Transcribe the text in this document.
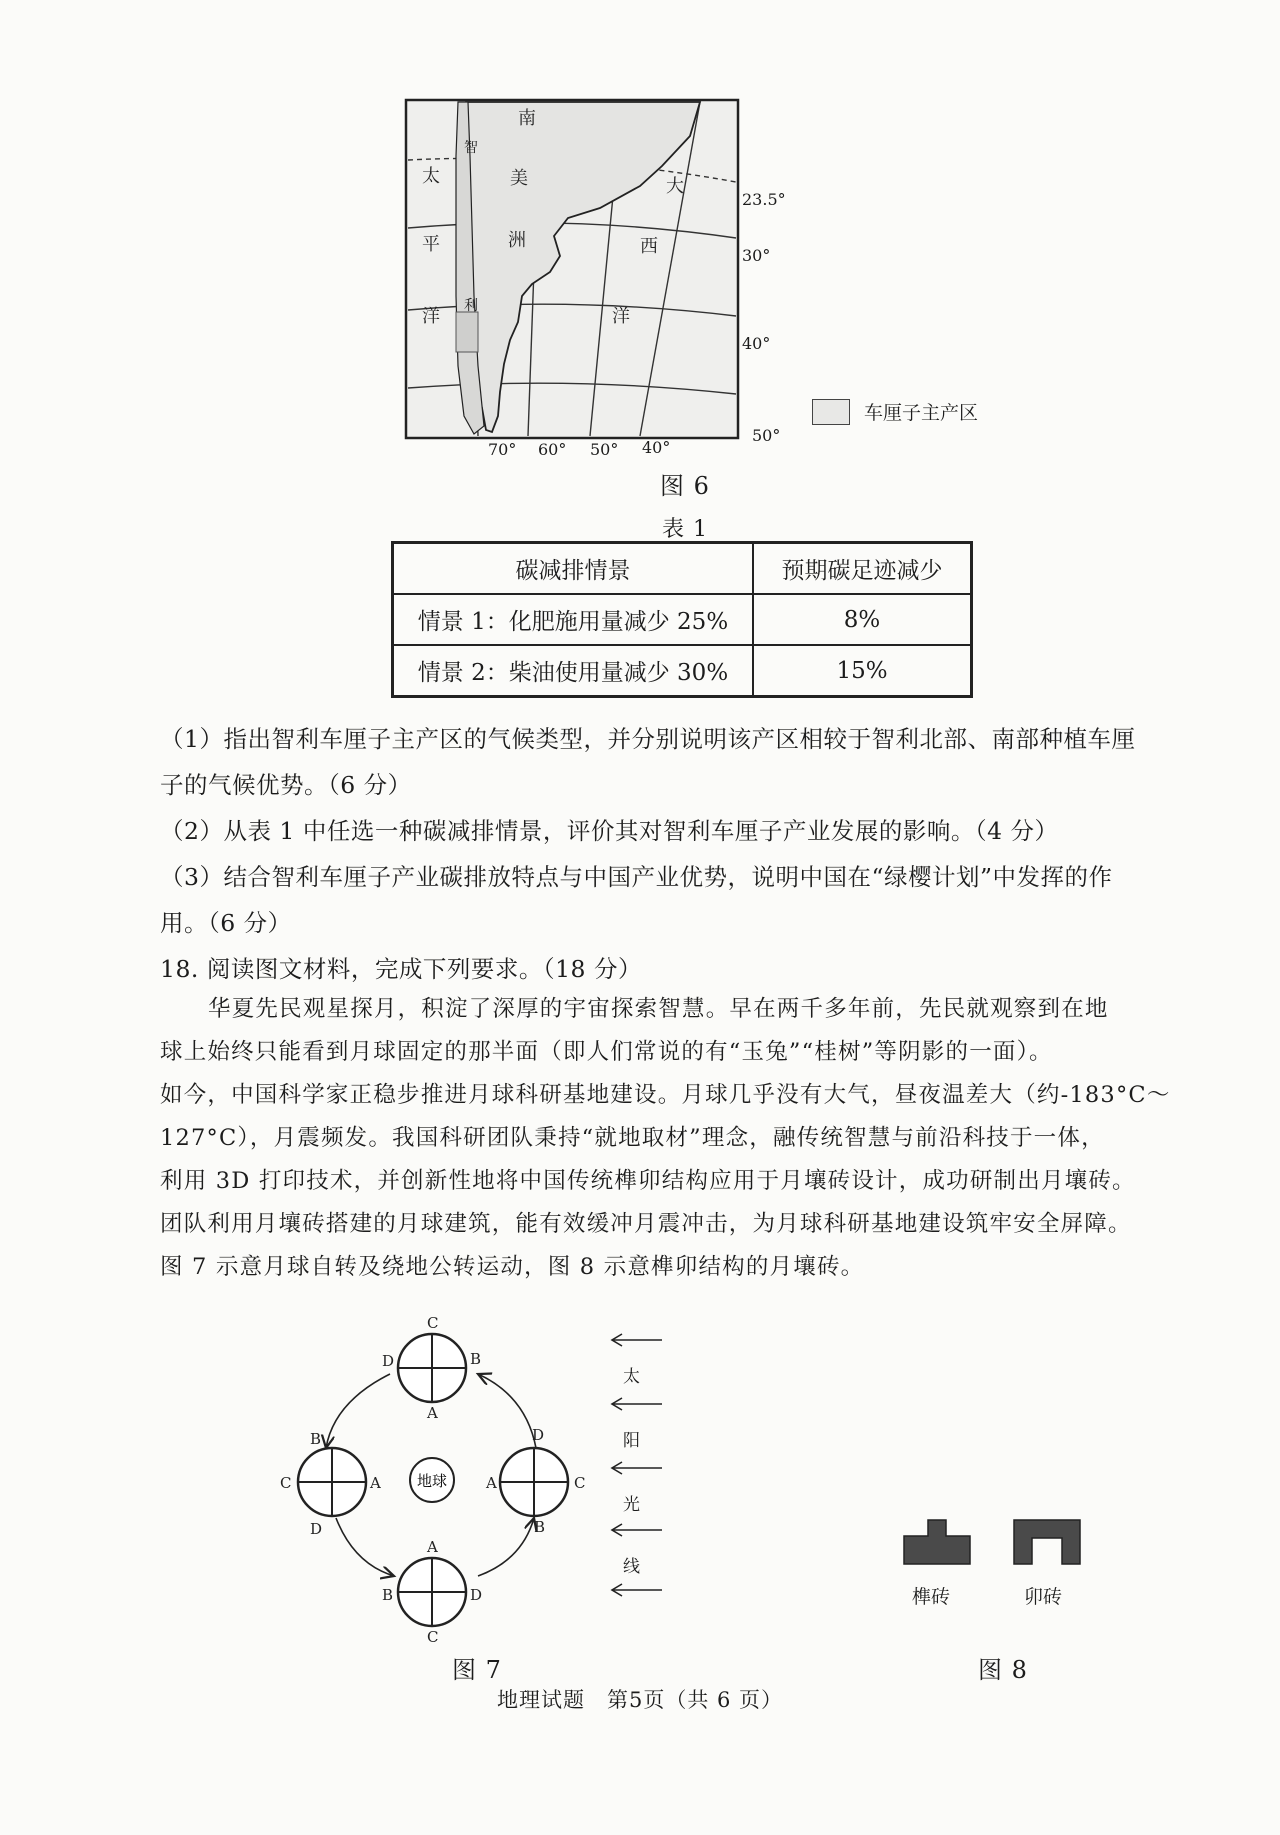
南
美
洲
太
平
洋
大
西
洋
智
利
23.5°
30°
40°
50°
70° 60° 50° 40°
车厘子主产区
图 6
表 1
碳减排情景	预期碳足迹减少
情景 1：化肥施用量减少 25%	8%
情景 2：柴油使用量减少 30%	15%
（1）指出智利车厘子主产区的气候类型，并分别说明该产区相较于智利北部、南部种植车厘
子的气候优势。（6 分）
（2）从表 1 中任选一种碳减排情景，评价其对智利车厘子产业发展的影响。（4 分）
（3）结合智利车厘子产业碳排放特点与中国产业优势，说明中国在“绿樱计划”中发挥的作
用。（6 分）
18. 阅读图文材料，完成下列要求。（18 分）
华夏先民观星探月，积淀了深厚的宇宙探索智慧。早在两千多年前，先民就观察到在地
球上始终只能看到月球固定的那半面（即人们常说的有“玉兔”“桂树”等阴影的一面）。
如今，中国科学家正稳步推进月球科研基地建设。月球几乎没有大气，昼夜温差大（约-183°C～
127°C），月震频发。我国科研团队秉持“就地取材”理念，融传统智慧与前沿科技于一体，
利用 3D 打印技术，并创新性地将中国传统榫卯结构应用于月壤砖设计，成功研制出月壤砖。
团队利用月壤砖搭建的月球建筑，能有效缓冲月震冲击，为月球科研基地建设筑牢安全屏障。
图 7 示意月球自转及绕地公转运动，图 8 示意榫卯结构的月壤砖。
地球
C
D	B
A
B
C	A
D
D
A	C
B
A
B	D
C
太
阳
光
线
图 7
榫砖	卯砖
图 8
地理试题　第5页（共 6 页）
